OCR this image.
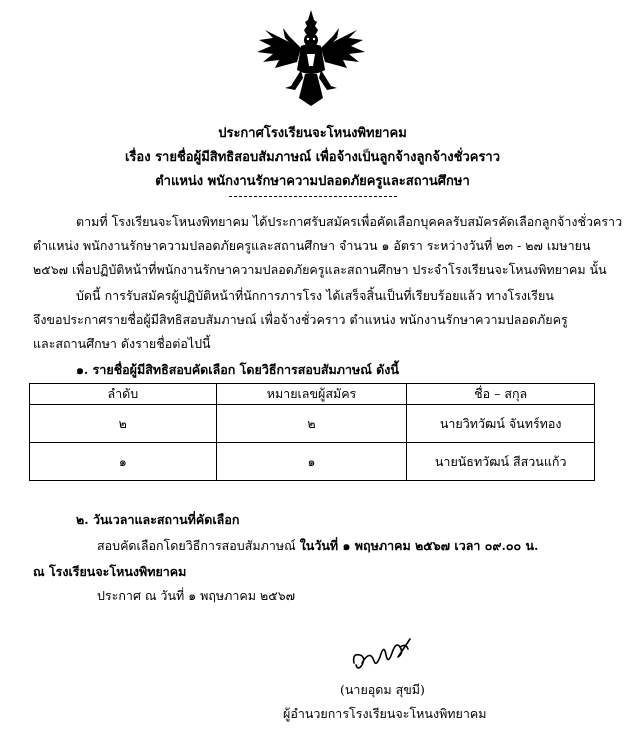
ประกาศโรงเรียนจะโหนงพิทยาคม
เรื่อง รายชื่อผู้มีสิทธิสอบสัมภาษณ์ เพื่อจ้างเป็นลูกจ้างลูกจ้างชั่วคราว
ตำแหน่ง พนักงานรักษาความปลอดภัยครูและสถานศึกษา
ตามที่ โรงเรียนจะโหนงพิทยาคม ได้ประกาศรับสมัครเพื่อคัดเลือกบุคคลรับสมัครคัดเลือกลูกจ้างชั่วคราว
ตำแหน่ง พนักงานรักษาความปลอดภัยครูและสถานศึกษา จำนวน ๑ อัตรา ระหว่างวันที่ ๒๓ - ๒๗ เมษายน
๒๕๖๗ เพื่อปฏิบัติหน้าที่พนักงานรักษาความปลอดภัยครูและสถานศึกษา ประจำโรงเรียนจะโหนงพิทยาคม นั้น
บัดนี้ การรับสมัครผู้ปฏิบัติหน้าที่นักการภารโรง ได้เสร็จสิ้นเป็นที่เรียบร้อยแล้ว ทางโรงเรียน
จึงขอประกาศรายชื่อผู้มีสิทธิสอบสัมภาษณ์ เพื่อจ้างชั่วคราว ตำแหน่ง พนักงานรักษาความปลอดภัยครู
และสถานศึกษา ดังรายชื่อต่อไปนี้
๑. รายชื่อผู้มีสิทธิสอบคัดเลือก โดยวิธีการสอบสัมภาษณ์ ดังนี้
ลำดับ	หมายเลขผู้สมัคร	ชื่อ – สกุล
๒	๒	นายวิทวัฒน์ จันทร์ทอง
๑	๑	นายนัธทวัฒน์ สีสวนแก้ว
๒. วันเวลาและสถานที่คัดเลือก
สอบคัดเลือกโดยวิธีการสอบสัมภาษณ์ ในวันที่ ๑ พฤษภาคม ๒๕๖๗ เวลา ๐๙.๐๐ น.
ณ โรงเรียนจะโหนงพิทยาคม
ประกาศ ณ วันที่ ๑ พฤษภาคม ๒๕๖๗
(นายอุดม สุขมี)
ผู้อำนวยการโรงเรียนจะโหนงพิทยาคม
